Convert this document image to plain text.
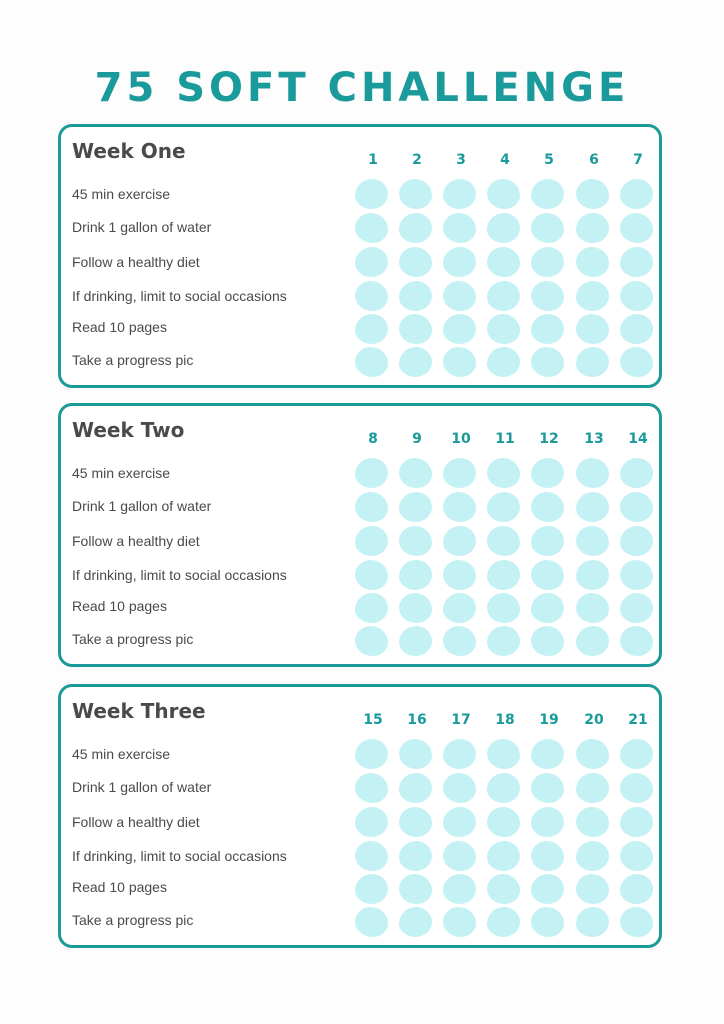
75 SOFT CHALLENGE
Week One	1	2	3	4	5	6	7
45 min exercise
Drink 1 gallon of water
Follow a healthy diet
If drinking, limit to social occasions
Read 10 pages
Take a progress pic
Week Two	8	9	10	11	12	13	14
45 min exercise
Drink 1 gallon of water
Follow a healthy diet
If drinking, limit to social occasions
Read 10 pages
Take a progress pic
Week Three	15	16	17	18	19	20	21
45 min exercise
Drink 1 gallon of water
Follow a healthy diet
If drinking, limit to social occasions
Read 10 pages
Take a progress pic
